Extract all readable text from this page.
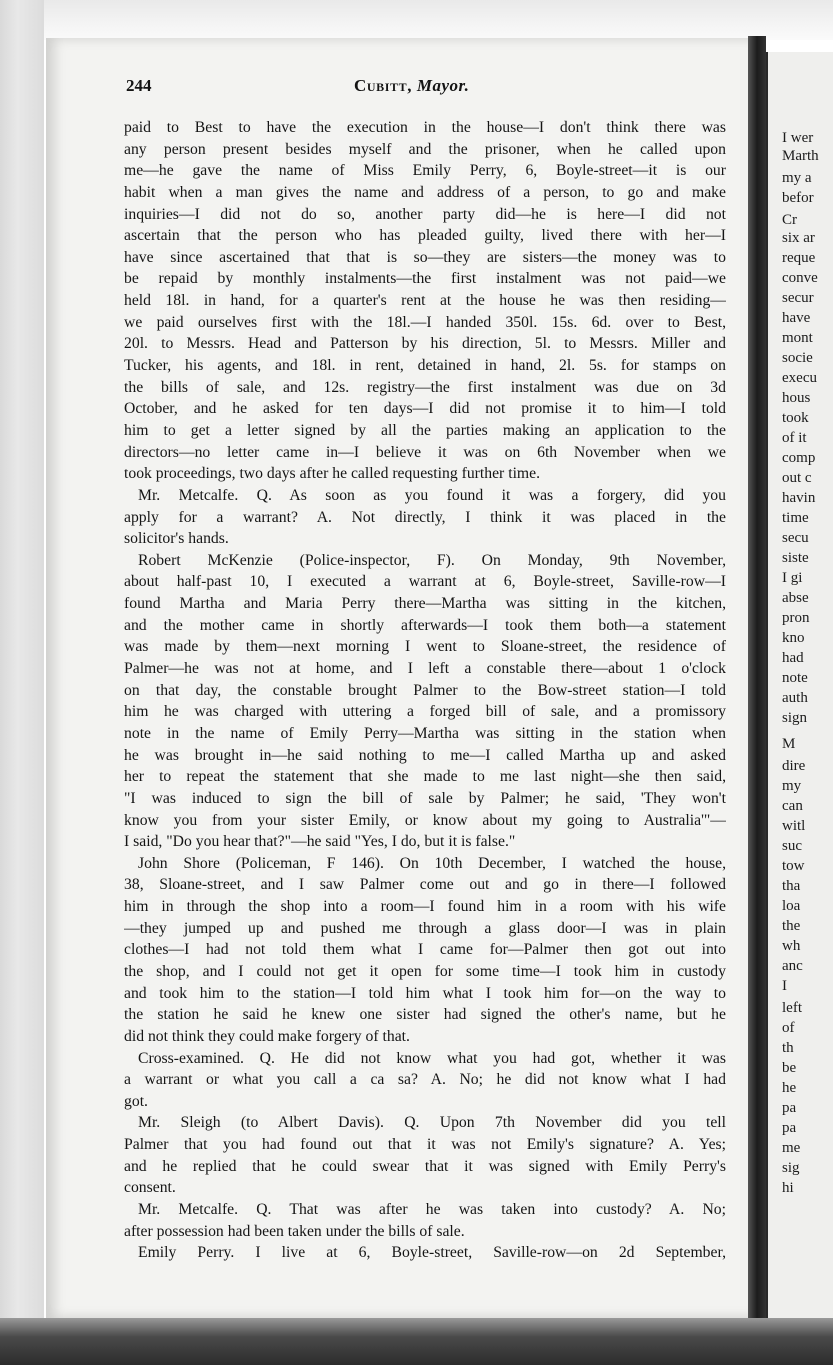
I wer
Marth
my a
befor
Cr
six ar
reque
conve
secur
have
mont
socie
execu
hous
took
of it
comp
out c
havin
time
secu
siste
I gi
abse
pron
kno
had
note
auth
sign
M
dire
my
can
witl
suc
tow
tha
loa
the
wh
anc
I
left
of
th
be
he
pa
pa
me
sig
hi
244	Cubitt, Mayor.
paid to Best to have the execution in the house—I don't think there was
any person present besides myself and the prisoner, when he called upon
me—he gave the name of Miss Emily Perry, 6, Boyle-street—it is our
habit when a man gives the name and address of a person, to go and make
inquiries—I did not do so, another party did—he is here—I did not
ascertain that the person who has pleaded guilty, lived there with her—I
have since ascertained that that is so—they are sisters—the money was to
be repaid by monthly instalments—the first instalment was not paid—we
held 18l. in hand, for a quarter's rent at the house he was then residing—
we paid ourselves first with the 18l.—I handed 350l. 15s. 6d. over to Best,
20l. to Messrs. Head and Patterson by his direction, 5l. to Messrs. Miller and
Tucker, his agents, and 18l. in rent, detained in hand, 2l. 5s. for stamps on
the bills of sale, and 12s. registry—the first instalment was due on 3d
October, and he asked for ten days—I did not promise it to him—I told
him to get a letter signed by all the parties making an application to the
directors—no letter came in—I believe it was on 6th November when we
took proceedings, two days after he called requesting further time.
Mr. Metcalfe. Q. As soon as you found it was a forgery, did you
apply for a warrant? A. Not directly, I think it was placed in the
solicitor's hands.
Robert McKenzie (Police-inspector, F). On Monday, 9th November,
about half-past 10, I executed a warrant at 6, Boyle-street, Saville-row—I
found Martha and Maria Perry there—Martha was sitting in the kitchen,
and the mother came in shortly afterwards—I took them both—a statement
was made by them—next morning I went to Sloane-street, the residence of
Palmer—he was not at home, and I left a constable there—about 1 o'clock
on that day, the constable brought Palmer to the Bow-street station—I told
him he was charged with uttering a forged bill of sale, and a promissory
note in the name of Emily Perry—Martha was sitting in the station when
he was brought in—he said nothing to me—I called Martha up and asked
her to repeat the statement that she made to me last night—she then said,
"I was induced to sign the bill of sale by Palmer; he said, 'They won't
know you from your sister Emily, or know about my going to Australia'"—
I said, "Do you hear that?"—he said "Yes, I do, but it is false."
John Shore (Policeman, F 146). On 10th December, I watched the house,
38, Sloane-street, and I saw Palmer come out and go in there—I followed
him in through the shop into a room—I found him in a room with his wife
—they jumped up and pushed me through a glass door—I was in plain
clothes—I had not told them what I came for—Palmer then got out into
the shop, and I could not get it open for some time—I took him in custody
and took him to the station—I told him what I took him for—on the way to
the station he said he knew one sister had signed the other's name, but he
did not think they could make forgery of that.
Cross-examined. Q. He did not know what you had got, whether it was
a warrant or what you call a ca sa? A. No; he did not know what I had
got.
Mr. Sleigh (to Albert Davis). Q. Upon 7th November did you tell
Palmer that you had found out that it was not Emily's signature? A. Yes;
and he replied that he could swear that it was signed with Emily Perry's
consent.
Mr. Metcalfe. Q. That was after he was taken into custody? A. No;
after possession had been taken under the bills of sale.
Emily Perry. I live at 6, Boyle-street, Saville-row—on 2d September,
